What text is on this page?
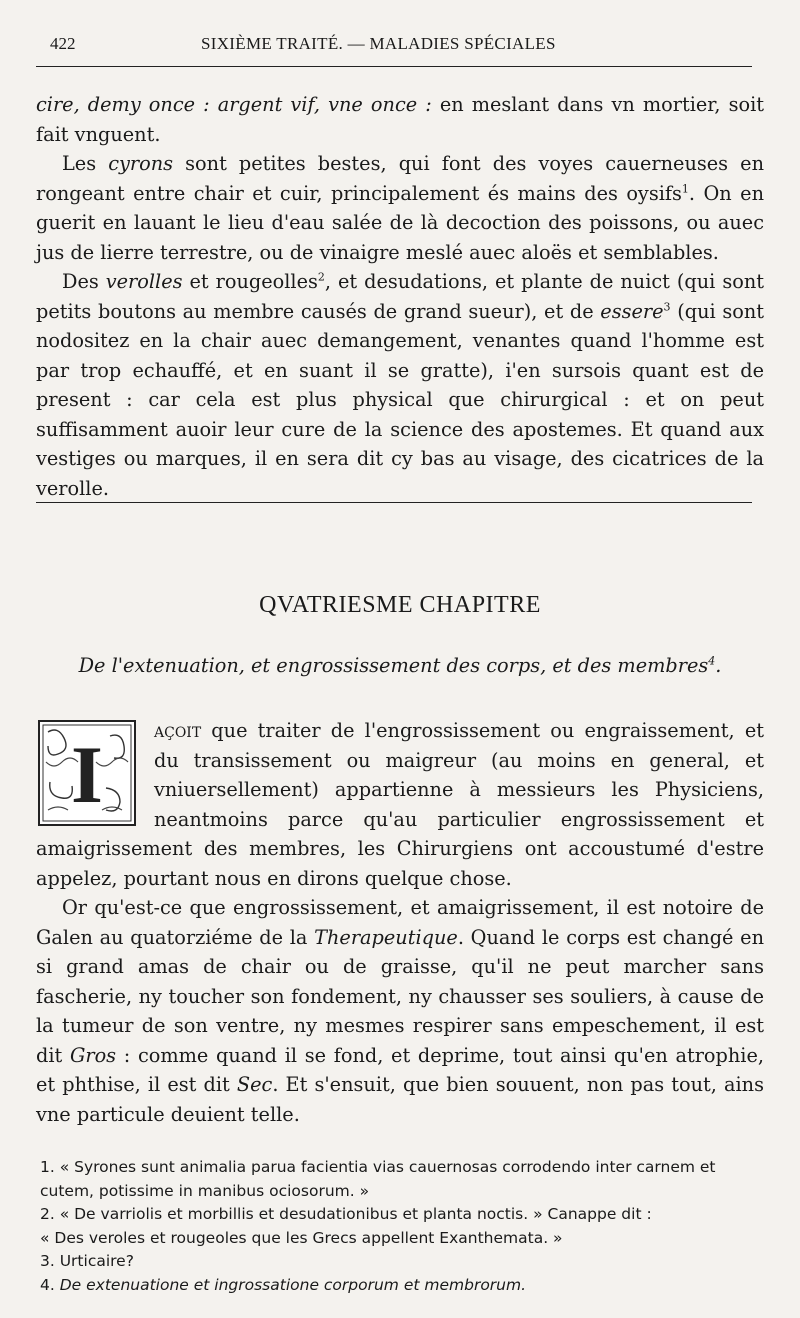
422	SIXIÈME TRAITÉ. — MALADIES SPÉCIALES

cire, demy once : argent vif, vne once : en meslant dans vn mortier, soit fait vnguent.

Les cyrons sont petites bestes, qui font des voyes cauerneuses en rongeant entre chair et cuir, principalement és mains des oysifs$^1$. On en guerit en lauant le lieu d'eau salée de là decoction des poissons, ou auec jus de lierre terrestre, ou de vinaigre meslé auec aloës et semblables.

Des verolles et rougeolles$^2$, et desudations, et plante de nuict (qui sont petits boutons au membre causés de grand sueur), et de essere$^3$ (qui sont nodositez en la chair auec demangement, venantes quand l'homme est par trop echauffé, et en suant il se gratte), i'en sursois quant est de present : car cela est plus physical que chirurgical : et on peut suffisamment auoir leur cure de la science des apostemes. Et quand aux vestiges ou marques, il en sera dit cy bas au visage, des cicatrices de la verolle.

QVATRIESME CHAPITRE
De l'extenuation, et engrossissement des corps, et des membres$^4$.
I	açoit que traiter de l'engrossissement ou engraissement, et du transissement ou maigreur (au moins en general, et vniuersellement) appartienne à messieurs les Physiciens, neantmoins parce qu'au particulier engrossissement et amaigrissement des membres, les Chirurgiens ont accoustumé d'estre appelez, pourtant nous en dirons quelque chose.

Or qu'est-ce que engrossissement, et amaigrissement, il est notoire de Galen au quatorziéme de la Therapeutique. Quand le corps est changé en si grand amas de chair ou de graisse, qu'il ne peut marcher sans fascherie, ny toucher son fondement, ny chausser ses souliers, à cause de la tumeur de son ventre, ny mesmes respirer sans empeschement, il est dit Gros : comme quand il se fond, et deprime, tout ainsi qu'en atrophie, et phthise, il est dit Sec. Et s'ensuit, que bien souuent, non pas tout, ains vne particule deuient telle.

1. « Syrones sunt animalia parua facientia vias cauernosas corrodendo inter carnem et cutem, potissime in manibus ociosorum. »

2. « De varriolis et morbillis et desudationibus et planta noctis. » Canappe dit :

« Des veroles et rougeoles que les Grecs appellent Exanthemata. »

3. Urticaire?

4. De extenuatione et ingrossatione corporum et membrorum.
